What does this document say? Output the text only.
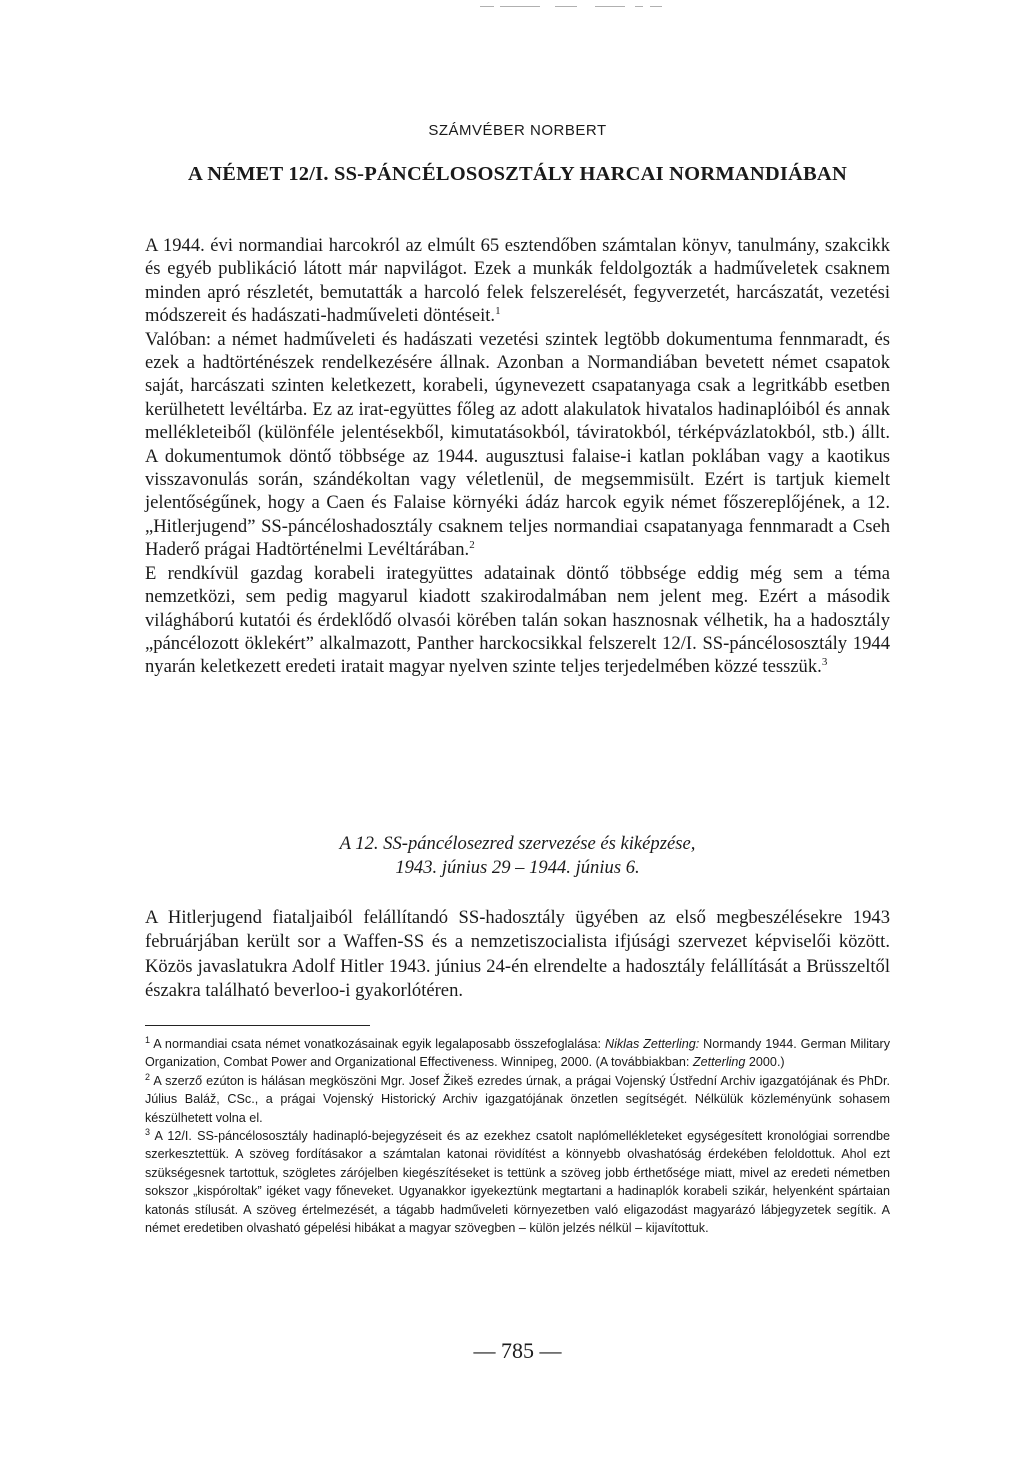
SZÁMVÉBER NORBERT
A NÉMET 12/I. SS-PÁNCÉLOSOSZTÁLY HARCAI NORMANDIÁBAN

A 1944. évi normandiai harcokról az elmúlt 65 esztendőben számtalan könyv, tanulmány, szakcikk és egyéb publikáció látott már napvilágot. Ezek a munkák feldolgozták a hadműveletek csaknem minden apró részletét, bemutatták a harcoló felek felszerelését, fegyverzetét, harcászatát, vezetési módszereit és hadászati-hadműveleti döntéseit.$^1$

Valóban: a német hadműveleti és hadászati vezetési szintek legtöbb dokumentuma fennmaradt, és ezek a hadtörténészek rendelkezésére állnak. Azonban a Normandiában bevetett német csapatok saját, harcászati szinten keletkezett, korabeli, úgynevezett csapatanyaga csak a legritkább esetben kerülhetett levéltárba. Ez az irat-együttes főleg az adott alakulatok hivatalos hadinaplóiból és annak mellékleteiből (különféle jelentésekből, kimutatásokból, táviratokból, térképvázlatokból, stb.) állt. A dokumentumok döntő többsége az 1944. augusztusi falaise-i katlan poklában vagy a kaotikus visszavonulás során, szándékoltan vagy véletlenül, de megsemmisült. Ezért is tartjuk kiemelt jelentőségűnek, hogy a Caen és Falaise környéki ádáz harcok egyik német főszereplőjének, a 12. „Hitlerjugend” SS-páncéloshadosztály csaknem teljes normandiai csapatanyaga fennmaradt a Cseh Haderő prágai Hadtörténelmi Levéltárában.$^2$

E rendkívül gazdag korabeli irategyüttes adatainak döntő többsége eddig még sem a téma nemzetközi, sem pedig magyarul kiadott szakirodalmában nem jelent meg. Ezért a második világháború kutatói és érdeklődő olvasói körében talán sokan hasznosnak vélhetik, ha a hadosztály „páncélozott öklekért” alkalmazott, Panther harckocsikkal felszerelt 12/I. SS-páncélososztály 1944 nyarán keletkezett eredeti iratait magyar nyelven szinte teljes terjedelmében közzé tesszük.$^3$

A 12. SS-páncélosezred szervezése és kiképzése,
1943. június 29 – 1944. június 6.

A Hitlerjugend fiataljaiból felállítandó SS-hadosztály ügyében az első megbeszélésekre 1943 februárjában került sor a Waffen-SS és a nemzetiszocialista ifjúsági szervezet képviselői között. Közös javaslatukra Adolf Hitler 1943. június 24-én elrendelte a hadosztály felállítását a Brüsszeltől északra található beverloo-i gyakorlótéren.

$^1$ A normandiai csata német vonatkozásainak egyik legalaposabb összefoglalása: Niklas Zetterling: Normandy 1944. German Military Organization, Combat Power and Organizational Effectiveness. Winnipeg, 2000. (A továbbiakban: Zetterling 2000.)

$^2$ A szerző ezúton is hálásan megköszöni Mgr. Josef Žikeš ezredes úrnak, a prágai Vojenský Ústřední Archiv igazgatójának és PhDr. Július Baláž, CSc., a prágai Vojenský Historický Archiv igazgatójának önzetlen segítségét. Nélkülük közleményünk sohasem készülhetett volna el.

$^3$ A 12/I. SS-páncélososztály hadinapló-bejegyzéseit és az ezekhez csatolt naplómellékleteket egységesített kronológiai sorrendbe szerkesztettük. A szöveg fordításakor a számtalan katonai rövidítést a könnyebb olvashatóság érdekében feloldottuk. Ahol ezt szükségesnek tartottuk, szögletes zárójelben kiegészítéseket is tettünk a szöveg jobb érthetősége miatt, mivel az eredeti németben sokszor „kispóroltak” igéket vagy főneveket. Ugyanakkor igyekeztünk megtartani a hadinaplók korabeli szikár, helyenként spártaian katonás stílusát. A szöveg értelmezését, a tágabb hadműveleti környezetben való eligazodást magyarázó lábjegyzetek segítik. A német eredetiben olvasható gépelési hibákat a magyar szövegben – külön jelzés nélkül – kijavítottuk.

— 785 —
